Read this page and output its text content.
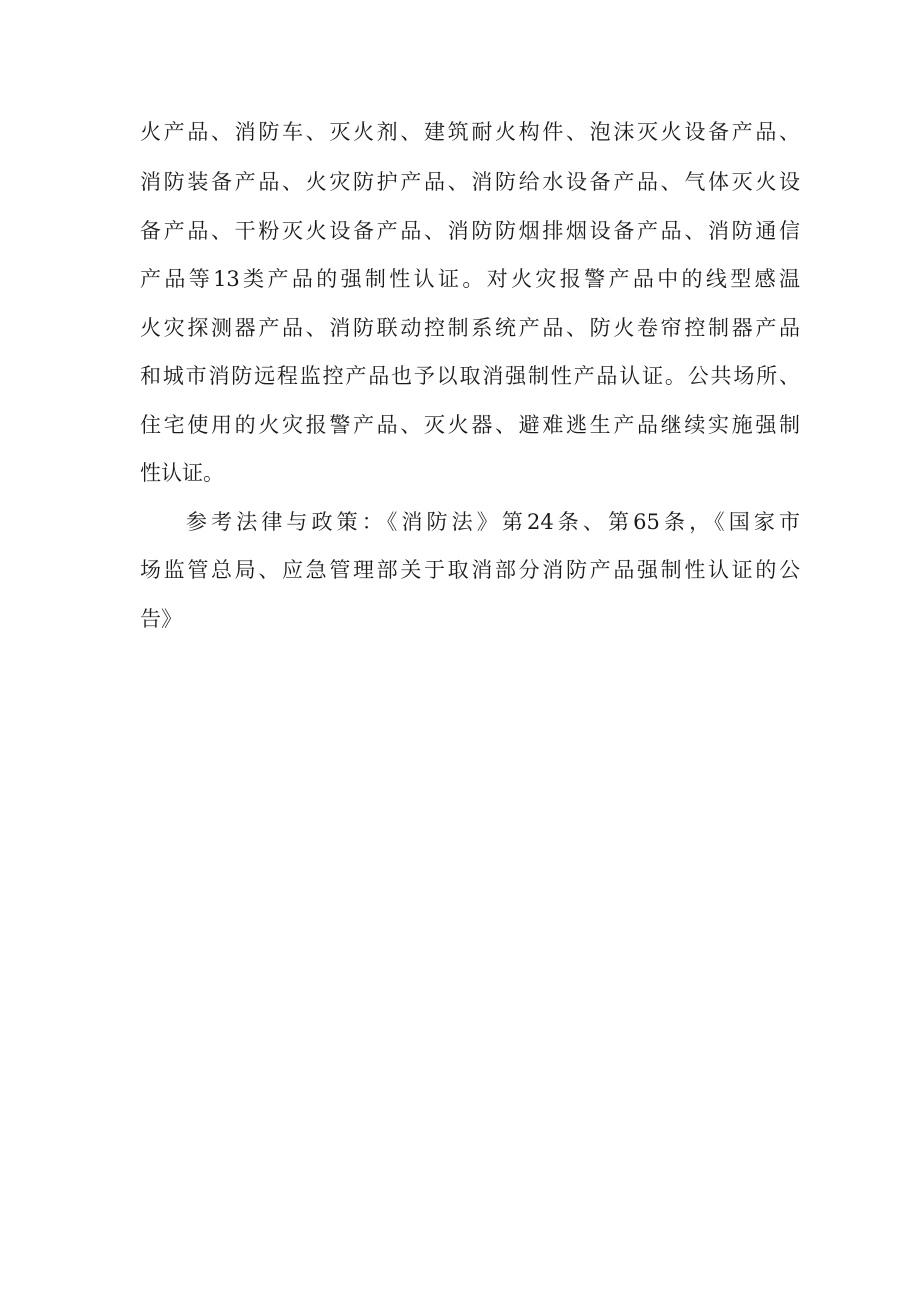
火产品、消防车、灭火剂、建筑耐火构件、泡沫灭火设备产品、
消防装备产品、火灾防护产品、消防给水设备产品、气体灭火设
备产品、干粉灭火设备产品、消防防烟排烟设备产品、消防通信
产品等13类产品的强制性认证。对火灾报警产品中的线型感温
火灾探测器产品、消防联动控制系统产品、防火卷帘控制器产品
和城市消防远程监控产品也予以取消强制性产品认证。公共场所、
住宅使用的火灾报警产品、灭火器、避难逃生产品继续实施强制
性认证。
参考法律与政策：《消防法》第24条、第65条，《国家市
场监管总局、应急管理部关于取消部分消防产品强制性认证的公
告》
